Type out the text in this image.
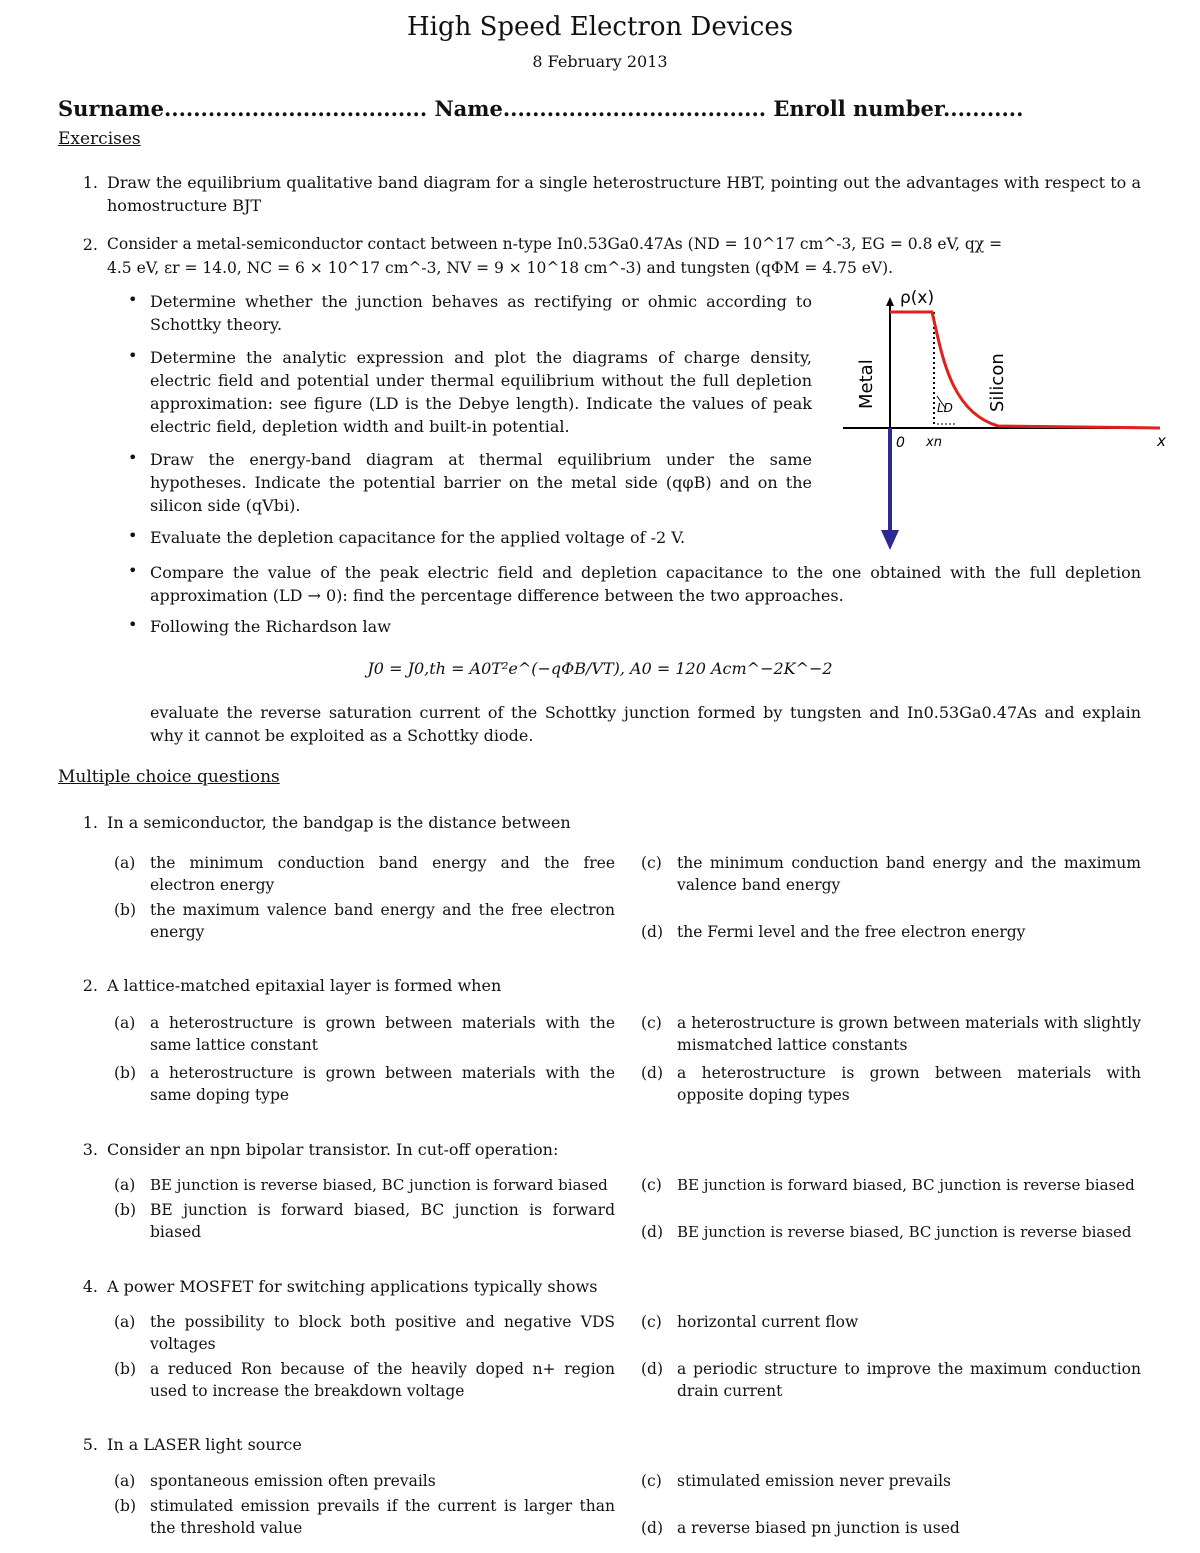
High Speed Electron Devices
8 February 2013
Surname.................................... Name.................................... Enroll number...........
Exercises
1. Draw the equilibrium qualitative band diagram for a single heterostructure HBT, pointing out the advantages with respect to a homostructure BJT
2. Consider a metal-semiconductor contact between n-type In0.53Ga0.47As (ND = 10^17 cm^-3, EG = 0.8 eV, qχ =
4.5 eV, εr = 14.0, NC = 6 × 10^17 cm^-3, NV = 9 × 10^18 cm^-3) and tungsten (qΦM = 4.75 eV).
• Determine whether the junction behaves as rectifying or ohmic according to Schottky theory.
• Determine the analytic expression and plot the diagrams of charge density, electric field and potential under thermal equilibrium without the full depletion approximation: see figure (LD is the Debye length). Indicate the values of peak electric field, depletion width and built-in potential.
• Draw the energy-band diagram at thermal equilibrium under the same hypotheses. Indicate the potential barrier on the metal side (qφB) and on the silicon side (qVbi).
• Evaluate the depletion capacitance for the applied voltage of -2 V.
• Compare the value of the peak electric field and depletion capacitance to the one obtained with the full depletion approximation (LD → 0): find the percentage difference between the two approaches.
• Following the Richardson law
J0 = J0,th = A0T²e^(−qΦB/VT), A0 = 120 Acm^−2K^−2
evaluate the reverse saturation current of the Schottky junction formed by tungsten and In0.53Ga0.47As and explain why it cannot be exploited as a Schottky diode.
ρ(x)
x
0 xn
LD
Metal	Silicon
Multiple choice questions
1. In a semiconductor, the bandgap is the distance between
(a) the minimum conduction band energy and the free electron energy
(b) the maximum valence band energy and the free electron energy
(c) the minimum conduction band energy and the maximum valence band energy
(d) the Fermi level and the free electron energy
2. A lattice-matched epitaxial layer is formed when
(a) a heterostructure is grown between materials with the same lattice constant
(b) a heterostructure is grown between materials with the same doping type
(c) a heterostructure is grown between materials with slightly mismatched lattice constants
(d) a heterostructure is grown between materials with opposite doping types
3. Consider an npn bipolar transistor. In cut-off operation:
(a) BE junction is reverse biased, BC junction is forward biased
(b) BE junction is forward biased, BC junction is forward biased
(c)	BE junction is forward biased, BC junction is reverse biased
(d) BE junction is reverse biased, BC junction is reverse biased
4. A power MOSFET for switching applications typically shows
(a) the possibility to block both positive and negative VDS voltages
(b) a reduced Ron because of the heavily doped n+ region used to increase the breakdown voltage
(c) horizontal current flow
(d) a periodic structure to improve the maximum conduction drain current
5. In a LASER light source
(a) spontaneous emission often prevails
(b) stimulated emission prevails if the current is larger than the threshold value
(c) stimulated emission never prevails
(d) a reverse biased pn junction is used
